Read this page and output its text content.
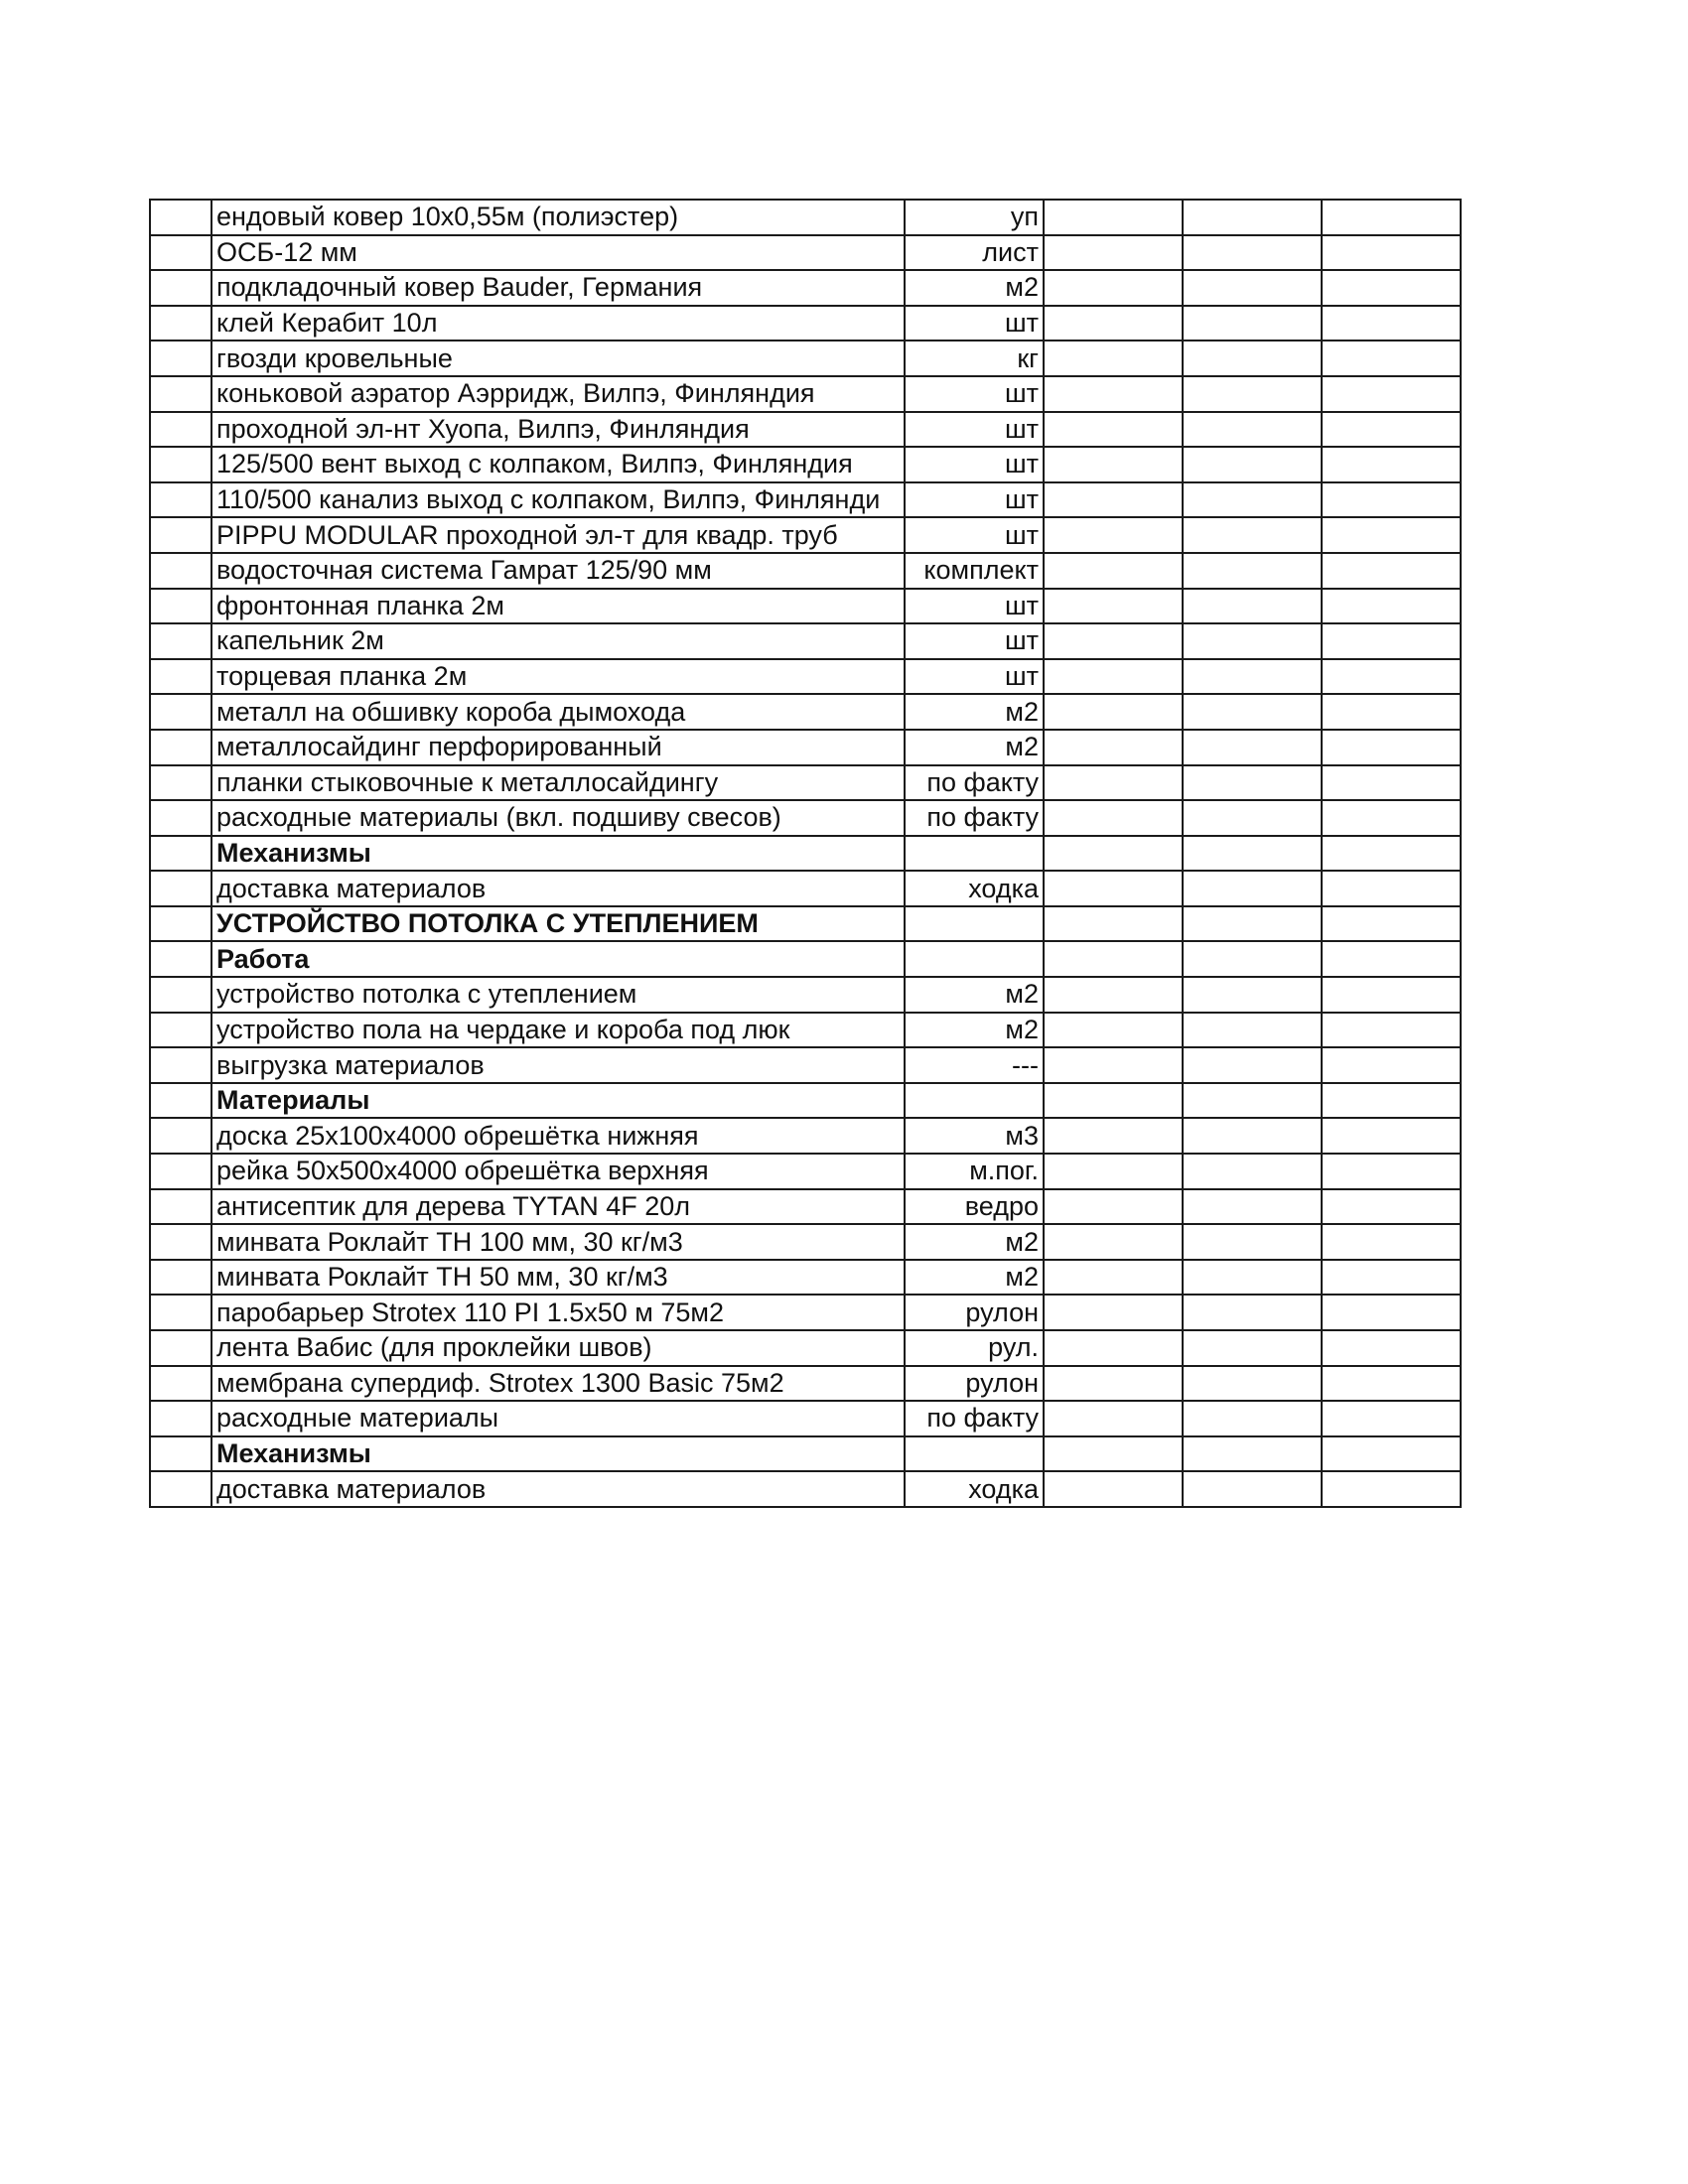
	ендовый ковер 10х0,55м (полиэстер)	уп			
	ОСБ-12 мм	лист			
	подкладочный ковер Bauder, Германия	м2			
	клей Керабит 10л	шт			
	гвозди кровельные	кг			
	коньковой аэратор Аэрридж, Вилпэ, Финляндия	шт			
	проходной эл-нт Хуопа, Вилпэ, Финляндия	шт			
	125/500 вент выход с колпаком, Вилпэ, Финляндия	шт			
	110/500 канализ выход с колпаком, Вилпэ, Финлянди	шт			
	PIPPU MODULAR проходной эл-т для квадр. труб	шт			
	водосточная система Гамрат 125/90 мм	комплект			
	фронтонная планка 2м	шт			
	капельник 2м	шт			
	торцевая планка 2м	шт			
	металл на обшивку короба дымохода	м2			
	металлосайдинг перфорированный	м2			
	планки стыковочные к металлосайдингу	по факту			
	расходные материалы (вкл. подшиву свесов)	по факту			
	Механизмы				
	доставка материалов	ходка			
	УСТРОЙСТВО ПОТОЛКА С УТЕПЛЕНИЕМ				
	Работа				
	устройство потолка с утеплением	м2			
	устройство пола на чердаке и короба под люк	м2			
	выгрузка материалов	---			
	Материалы				
	доска 25х100х4000 обрешётка нижняя	м3			
	рейка 50х500х4000 обрешётка верхняя	м.пог.			
	антисептик для дерева TYTAN 4F 20л	ведро			
	минвата Роклайт ТН 100 мм, 30 кг/м3	м2			
	минвата Роклайт ТН 50 мм, 30 кг/м3	м2			
	паробарьер Strotex 110 PI 1.5х50 м 75м2	рулон			
	лента Вабис (для проклейки швов)	рул.			
	мембрана супердиф. Strotex 1300 Basic 75м2	рулон			
	расходные материалы	по факту			
	Механизмы				
	доставка материалов	ходка			
